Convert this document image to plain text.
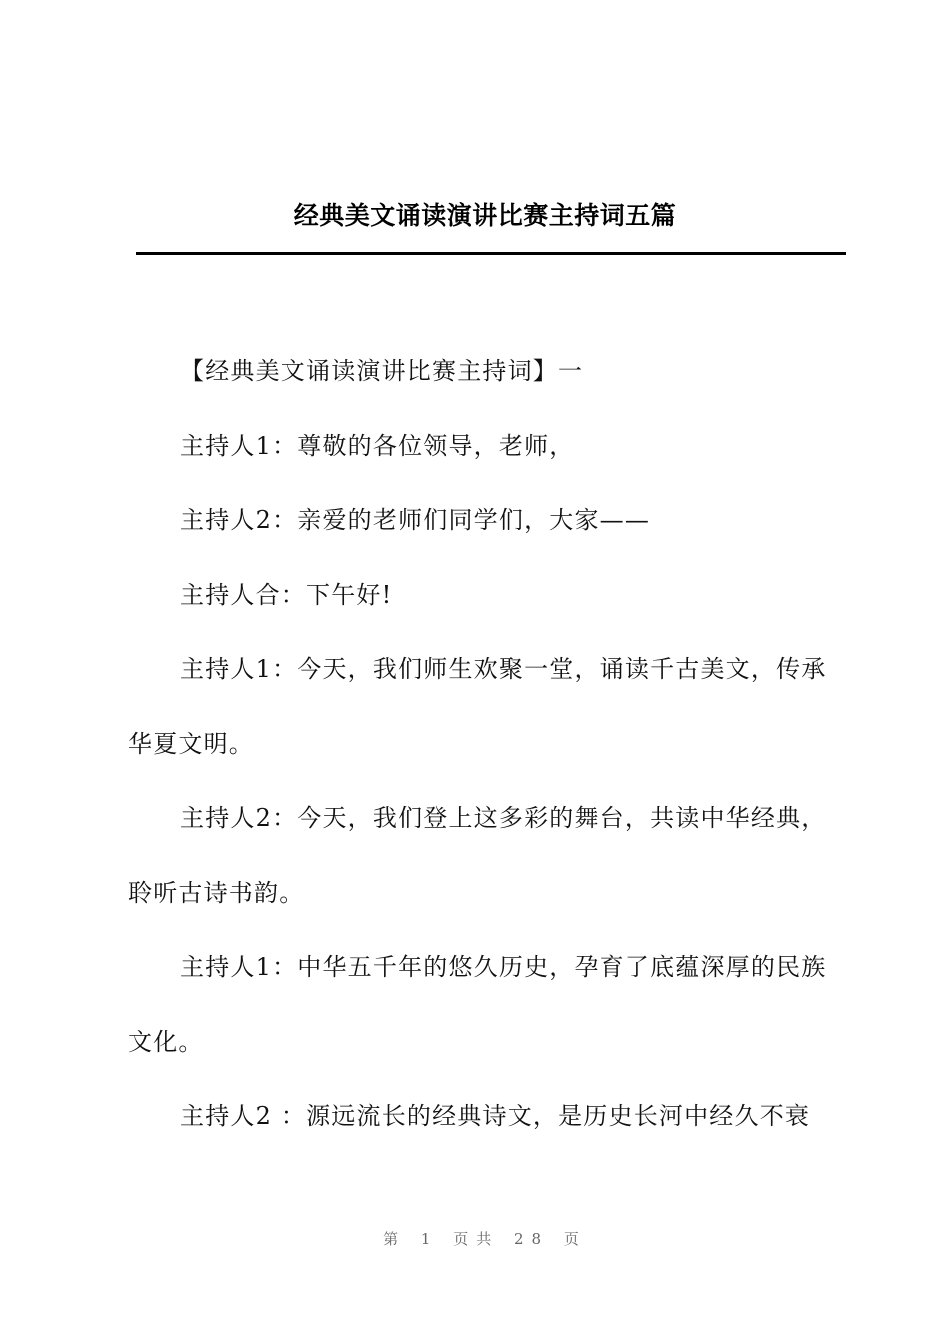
经典美文诵读演讲比赛主持词五篇

【经典美文诵读演讲比赛主持词】一

主持人1：尊敬的各位领导，老师，

主持人2：亲爱的老师们同学们，大家——

主持人合：下午好!

主持人1：今天，我们师生欢聚一堂，诵读千古美文，传承华夏文明。

主持人2：今天，我们登上这多彩的舞台，共读中华经典，聆听古诗书韵。

主持人1：中华五千年的悠久历史，孕育了底蕴深厚的民族文化。

主持人2 ：源远流长的经典诗文，是历史长河中经久不衰

第 1 页共 28 页
